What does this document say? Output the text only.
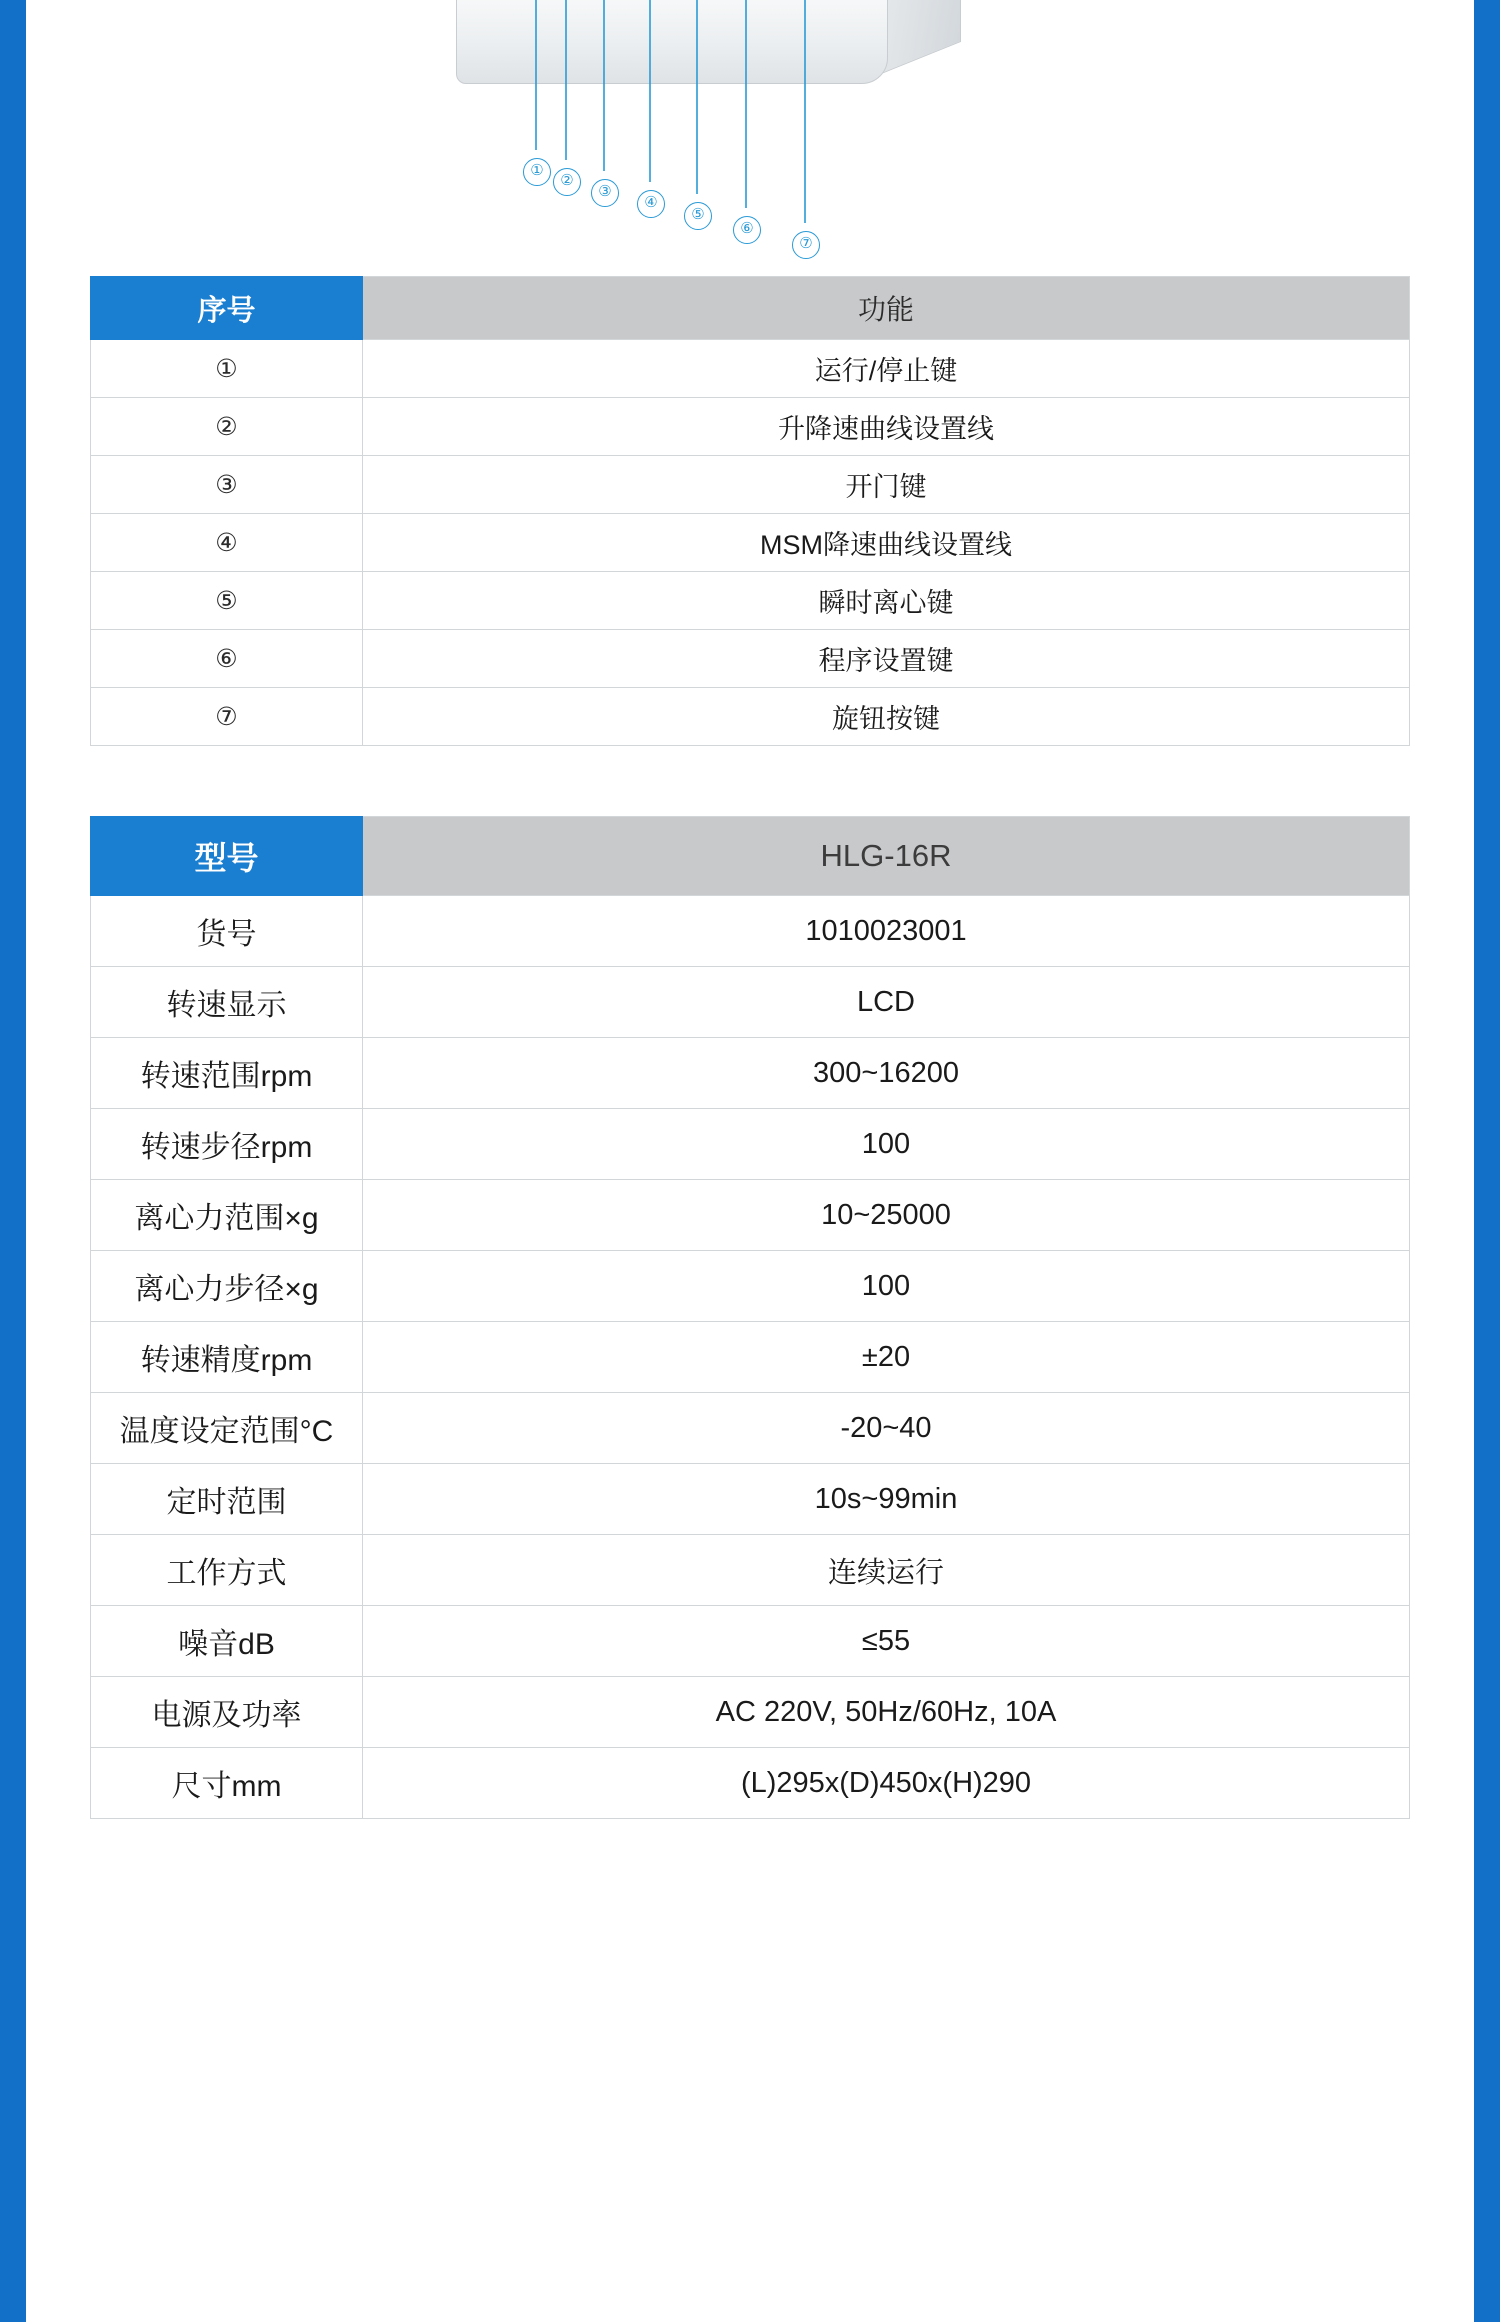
①
②
③
④
⑤
⑥
⑦
序号	功能
①	运行/停止键
②	升降速曲线设置线
③	开门键
④	MSM降速曲线设置线
⑤	瞬时离心键
⑥	程序设置键
⑦	旋钮按键
型号	HLG-16R
货号	1010023001
转速显示	LCD
转速范围rpm	300~16200
转速步径rpm	100
离心力范围×g	10~25000
离心力步径×g	100
转速精度rpm	±20
温度设定范围°C	-20~40
定时范围	10s~99min
工作方式	连续运行
噪音dB	≤55
电源及功率	AC 220V, 50Hz/60Hz, 10A
尺寸mm	(L)295x(D)450x(H)290
